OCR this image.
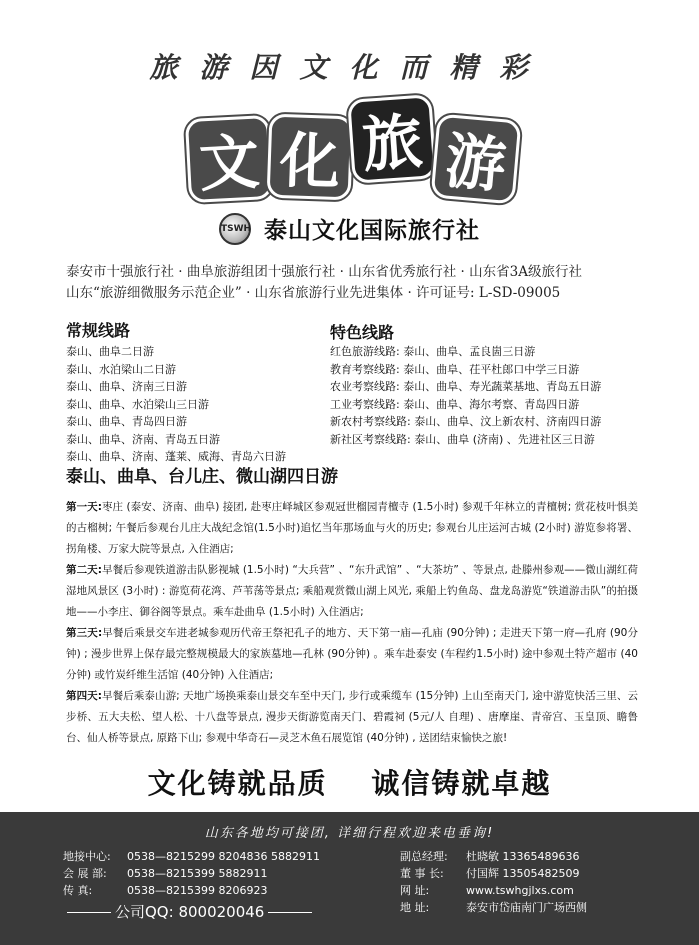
旅游因文化而精彩
文 化 旅 游
TSWH 泰山文化国际旅行社
泰安市十强旅行社 · 曲阜旅游组团十强旅行社 · 山东省优秀旅行社 · 山东省3A级旅行社
山东“旅游细微服务示范企业” · 山东省旅游行业先进集体 · 许可证号: L-SD-09005
常规线路
泰山、曲阜二日游
泰山、水泊梁山二日游
泰山、曲阜、济南三日游
泰山、曲阜、水泊梁山三日游
泰山、曲阜、青岛四日游
泰山、曲阜、济南、青岛五日游
泰山、曲阜、济南、蓬莱、威海、青岛六日游
特色线路
红色旅游线路: 泰山、曲阜、孟良崮三日游
教育考察线路: 泰山、曲阜、茌平杜郎口中学三日游
农业考察线路: 泰山、曲阜、寿光蔬菜基地、青岛五日游
工业考察线路: 泰山、曲阜、海尔考察、青岛四日游
新农村考察线路: 泰山、曲阜、汶上新农村、济南四日游
新社区考察线路: 泰山、曲阜 (济南) 、先进社区三日游
泰山、曲阜、台儿庄、微山湖四日游
第一天:枣庄 (泰安、济南、曲阜) 接团, 赴枣庄峄城区参观冠世榴园青檀寺 (1.5小时) 参观千年林立的青檀树; 赏花枝叶惧美的古榴树; 午餐后参观台儿庄大战纪念馆(1.5小时)追忆当年那场血与火的历史; 参观台儿庄运河古城 (2小时) 游览参将署、拐角楼、万家大院等景点, 入住酒店;
第二天:早餐后参观铁道游击队影视城 (1.5小时) “大兵营” 、“东升武馆” 、“大茶坊” 、等景点, 赴滕州参观——微山湖红荷湿地风景区 (3小时) : 游览荷花湾、芦苇荡等景点; 乘船观赏微山湖上风光, 乘船上钓鱼岛、盘龙岛游览“铁道游击队”的拍摄地——小李庄、御谷阁等景点。乘车赴曲阜 (1.5小时) 入住酒店;
第三天:早餐后乘景交车进老城参观历代帝王祭祀孔子的地方、天下第一庙—孔庙 (90分钟) ; 走进天下第一府—孔府 (90分钟) ; 漫步世界上保存最完整规模最大的家族墓地—孔林 (90分钟) 。乘车赴泰安 (车程约1.5小时) 途中参观土特产超市 (40分钟) 或竹炭纤维生活馆 (40分钟) 入住酒店;
第四天:早餐后乘泰山游; 天地广场换乘泰山景交车至中天门, 步行或乘缆车 (15分钟) 上山至南天门, 途中游览快活三里、云步桥、五大夫松、望人松、十八盘等景点, 漫步天街游览南天门、碧霞祠 (5元/人 自理) 、唐摩崖、青帝宫、玉皇顶、瞻鲁台、仙人桥等景点, 原路下山; 参观中华奇石—灵芝木鱼石展览馆 (40分钟) , 送团结束愉快之旅!
文化铸就品质 诚信铸就卓越
山东各地均可接团, 详细行程欢迎来电垂询!
地接中心: 0538—8215299 8204836 5882911
会 展 部: 0538—8215399 5882911
传 真:	0538—8215399 8206923
副总经理: 杜晓敏 13365489636
董 事 长: 付国辉 13505482509
网 址:	www.tswhgjlxs.com
地 址:	泰安市岱庙南门广场西侧
公司QQ: 800020046
